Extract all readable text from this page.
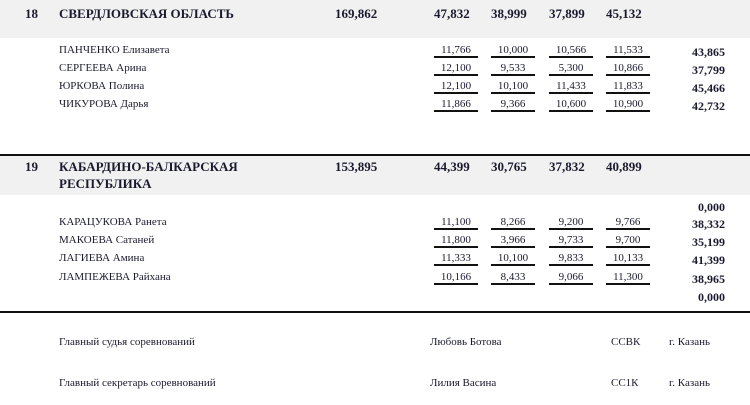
18 СВЕРДЛОВСКАЯ ОБЛАСТЬ	169,862	47,832 38,999 37,899 45,132
ПАНЧЕНКО Елизавета	11,766	10,000	10,566	11,533	43,865
СЕРГЕЕВА Арина	12,100	9,533	5,300	10,866	37,799
ЮРКОВА Полина	12,100	10,100	11,433	11,833	45,466
ЧИКУРОВА Дарья	11,866	9,366	10,600	10,900	42,732
19 КАБАРДИНО-БАЛКАРСКАЯ
РЕСПУБЛИКА
153,895	44,399 30,765 37,832 40,899
0,000
КАРАЦУКОВА Ранета	11,100	8,266	9,200	9,766	38,332
МАКОЕВА Сатаней	11,800	3,966	9,733	9,700	35,199
ЛАГИЕВА Амина	11,333	10,100	9,833	10,133	41,399
ЛАМПЕЖЕВА Райхана	10,166	8,433	9,066	11,300	38,965
0,000
Главный судья соревнований	Любовь Ботова	ССВК	г. Казань
Главный секретарь соревнований	Лилия Васина	СС1К	г. Казань
